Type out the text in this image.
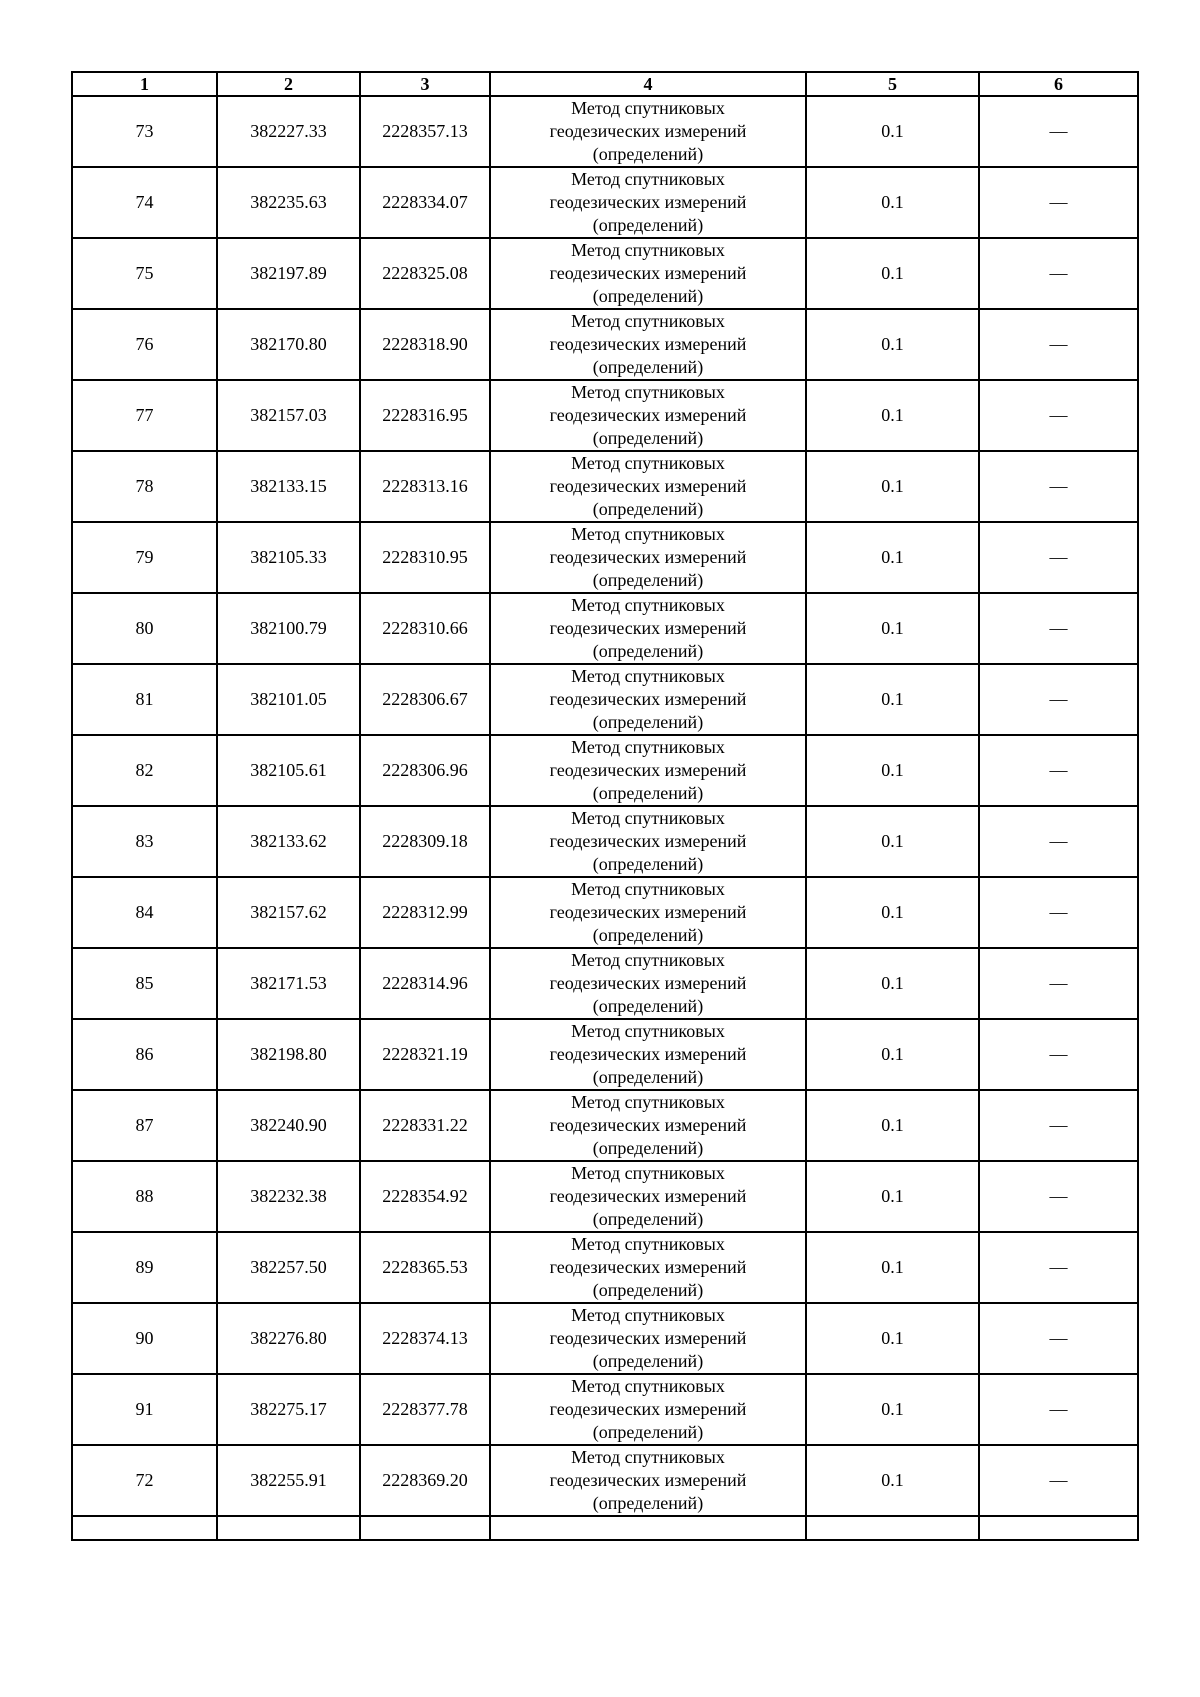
1	2	3	4	5	6
73	382227.33	2228357.13	Метод спутниковых
геодезических измерений
(определений)	0.1	—
74	382235.63	2228334.07	Метод спутниковых
геодезических измерений
(определений)	0.1	—
75	382197.89	2228325.08	Метод спутниковых
геодезических измерений
(определений)	0.1	—
76	382170.80	2228318.90	Метод спутниковых
геодезических измерений
(определений)	0.1	—
77	382157.03	2228316.95	Метод спутниковых
геодезических измерений
(определений)	0.1	—
78	382133.15	2228313.16	Метод спутниковых
геодезических измерений
(определений)	0.1	—
79	382105.33	2228310.95	Метод спутниковых
геодезических измерений
(определений)	0.1	—
80	382100.79	2228310.66	Метод спутниковых
геодезических измерений
(определений)	0.1	—
81	382101.05	2228306.67	Метод спутниковых
геодезических измерений
(определений)	0.1	—
82	382105.61	2228306.96	Метод спутниковых
геодезических измерений
(определений)	0.1	—
83	382133.62	2228309.18	Метод спутниковых
геодезических измерений
(определений)	0.1	—
84	382157.62	2228312.99	Метод спутниковых
геодезических измерений
(определений)	0.1	—
85	382171.53	2228314.96	Метод спутниковых
геодезических измерений
(определений)	0.1	—
86	382198.80	2228321.19	Метод спутниковых
геодезических измерений
(определений)	0.1	—
87	382240.90	2228331.22	Метод спутниковых
геодезических измерений
(определений)	0.1	—
88	382232.38	2228354.92	Метод спутниковых
геодезических измерений
(определений)	0.1	—
89	382257.50	2228365.53	Метод спутниковых
геодезических измерений
(определений)	0.1	—
90	382276.80	2228374.13	Метод спутниковых
геодезических измерений
(определений)	0.1	—
91	382275.17	2228377.78	Метод спутниковых
геодезических измерений
(определений)	0.1	—
72	382255.91	2228369.20	Метод спутниковых
геодезических измерений
(определений)	0.1	—
